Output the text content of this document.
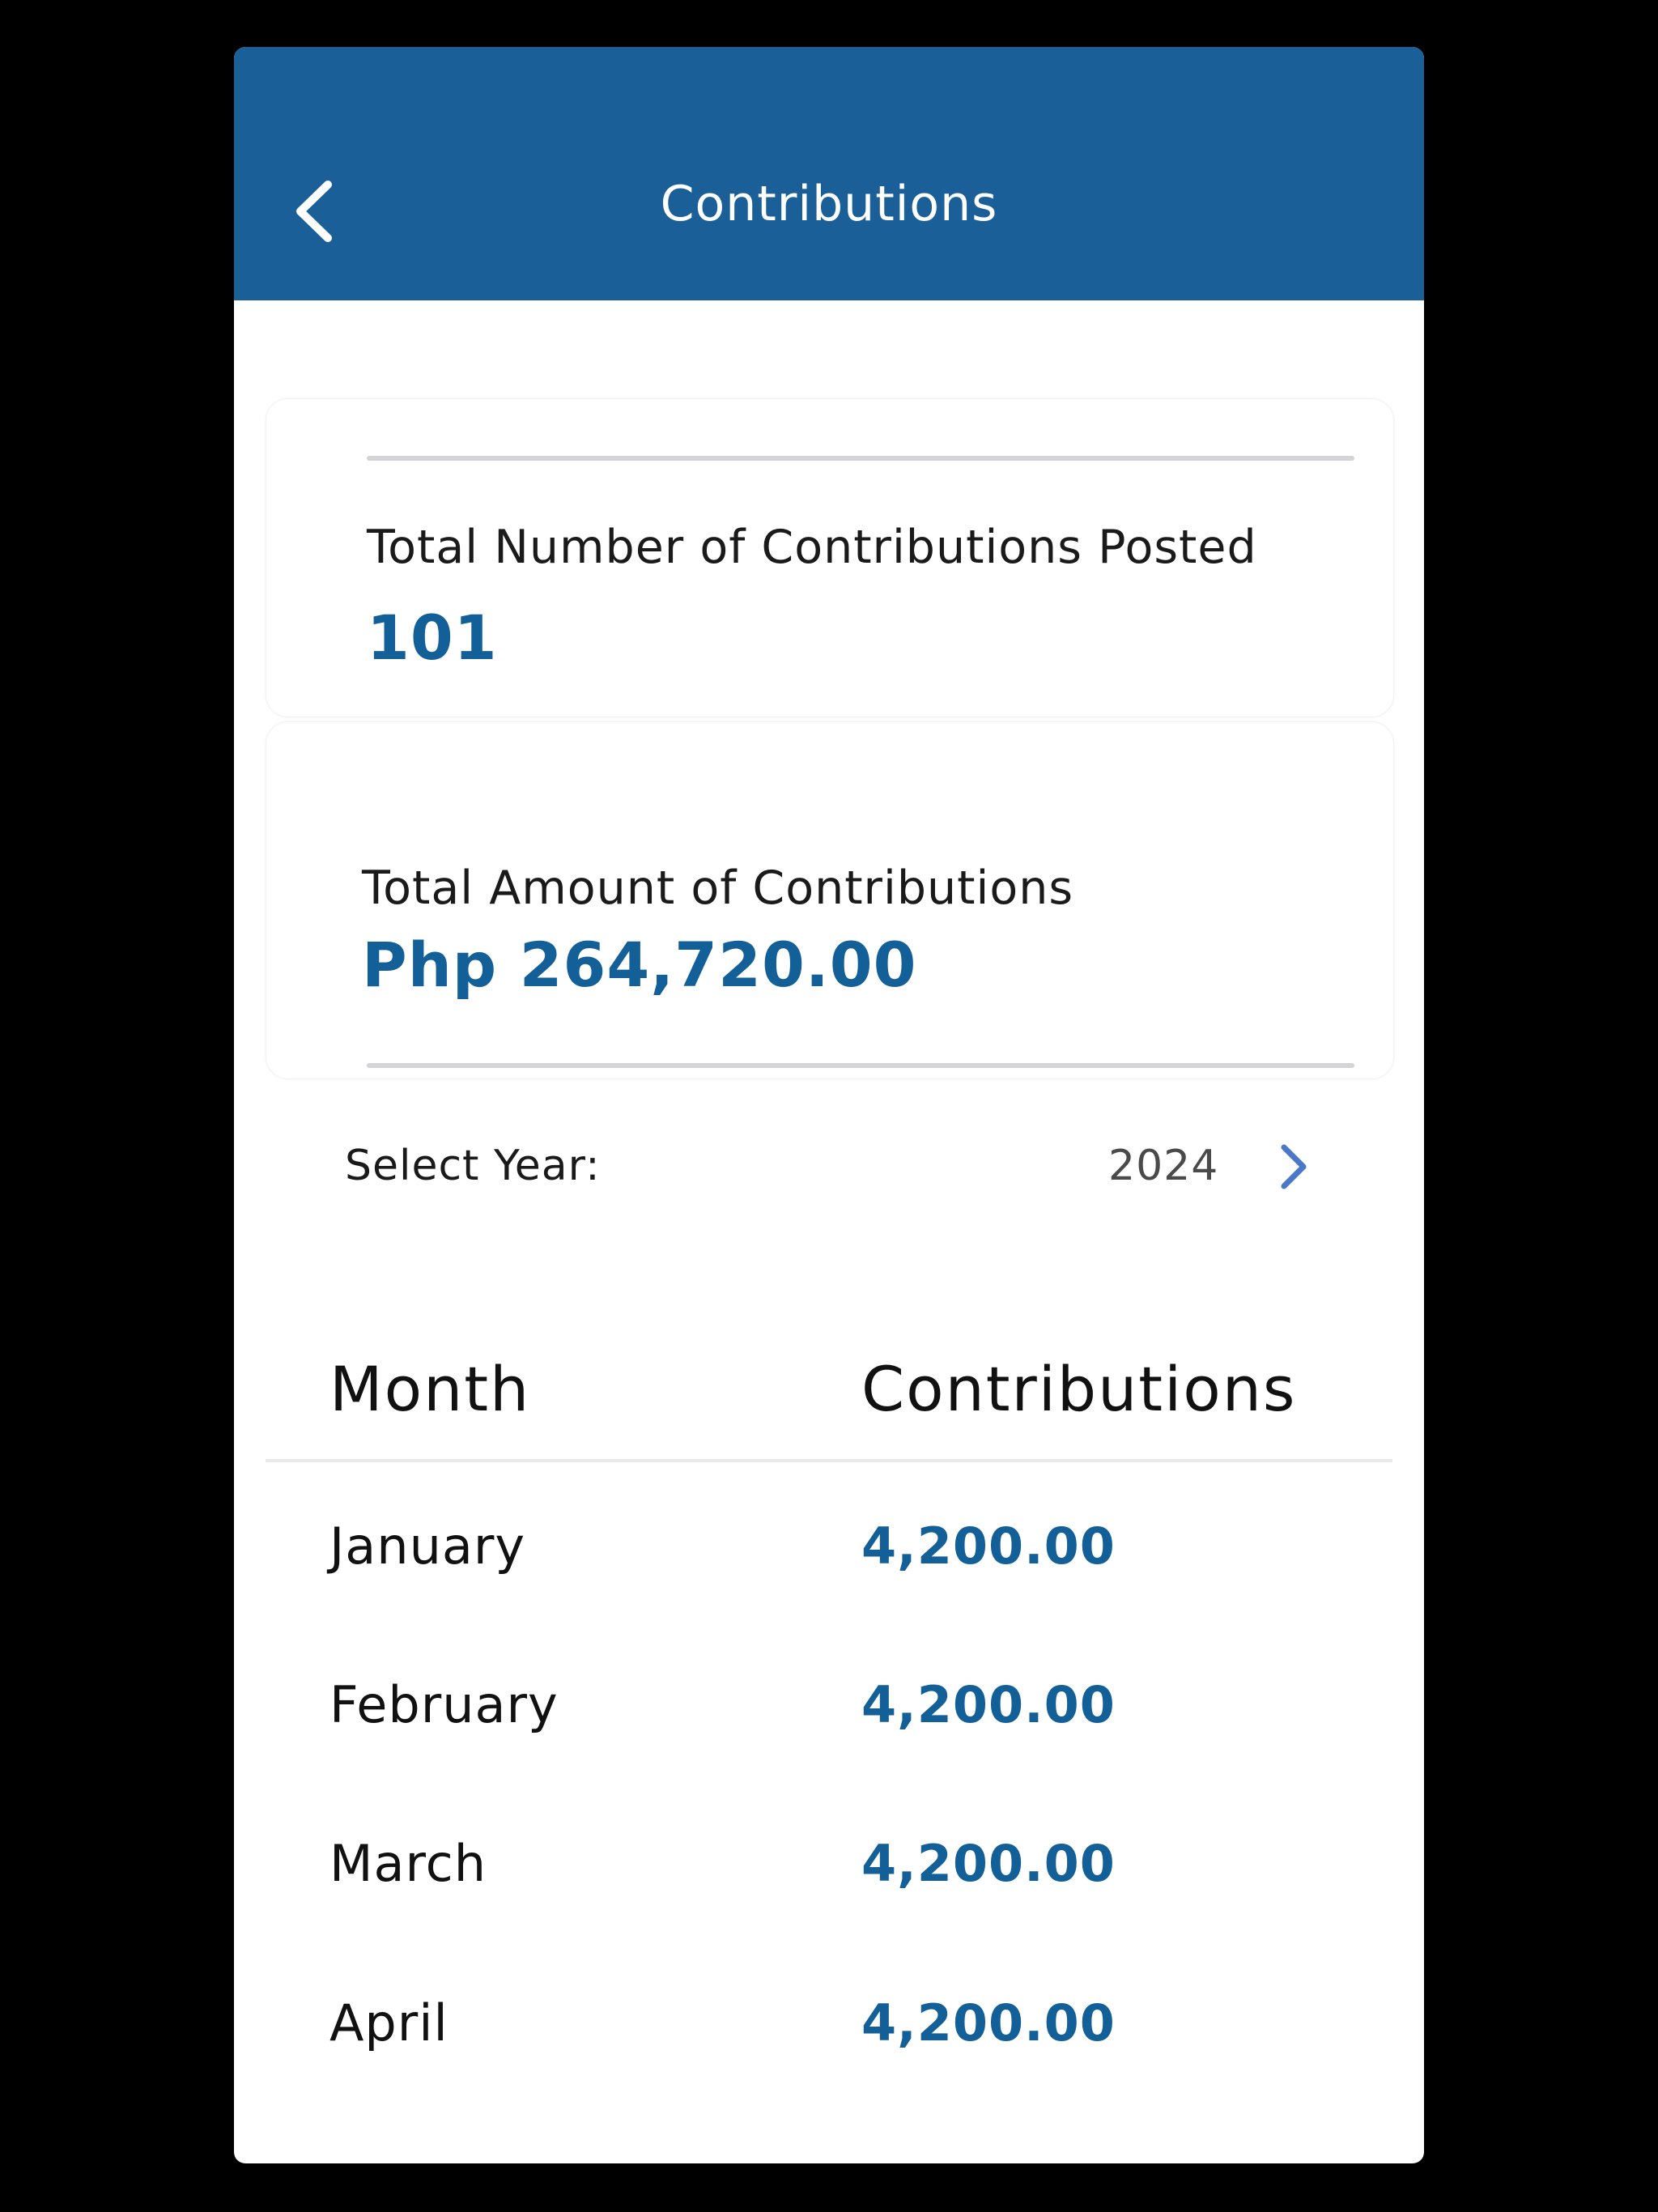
Contributions
Total Number of Contributions Posted
101
Total Amount of Contributions
Php 264,720.00
Select Year:	2024
Month	Contributions
January	4,200.00
February	4,200.00
March	4,200.00
April	4,200.00
